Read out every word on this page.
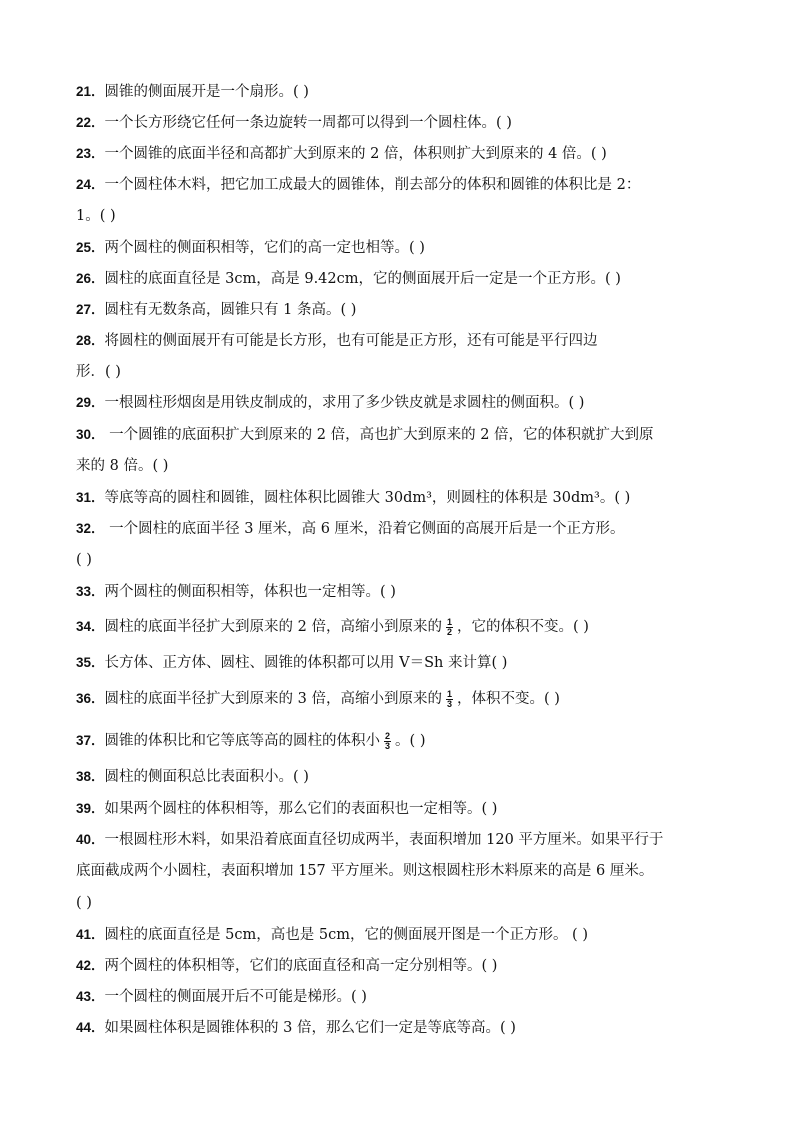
21．圆锥的侧面展开是一个扇形。( )
22．一个长方形绕它任何一条边旋转一周都可以得到一个圆柱体。( )
23．一个圆锥的底面半径和高都扩大到原来的 2 倍，体积则扩大到原来的 4 倍。( )
24．一个圆柱体木料，把它加工成最大的圆锥体，削去部分的体积和圆锥的体积比是 2：
1。( )
25．两个圆柱的侧面积相等，它们的高一定也相等。( )
26．圆柱的底面直径是 3cm，高是 9.42cm，它的侧面展开后一定是一个正方形。( )
27．圆柱有无数条高，圆锥只有 1 条高。( )
28．将圆柱的侧面展开有可能是长方形，也有可能是正方形，还有可能是平行四边
形．( )
29．一根圆柱形烟囱是用铁皮制成的，求用了多少铁皮就是求圆柱的侧面积。( )
30． 一个圆锥的底面积扩大到原来的 2 倍，高也扩大到原来的 2 倍，它的体积就扩大到原
来的 8 倍。( )
31．等底等高的圆柱和圆锥，圆柱体积比圆锥大 30dm³，则圆柱的体积是 30dm³。( )
32． 一个圆柱的底面半径 3 厘米，高 6 厘米，沿着它侧面的高展开后是一个正方形。
( )
33．两个圆柱的侧面积相等，体积也一定相等。( )
34．圆柱的底面半径扩大到原来的 2 倍，高缩小到原来的 $\frac{1}{2}$ ，它的体积不变。( )
35．长方体、正方体、圆柱、圆锥的体积都可以用 V＝Sh 来计算( )
36．圆柱的底面半径扩大到原来的 3 倍，高缩小到原来的 $\frac{1}{3}$ ，体积不变。( )
37．圆锥的体积比和它等底等高的圆柱的体积小 $\frac{2}{3}$ 。( )
38．圆柱的侧面积总比表面积小。( )
39．如果两个圆柱的体积相等，那么它们的表面积也一定相等。( )
40．一根圆柱形木料，如果沿着底面直径切成两半，表面积增加 120 平方厘米。如果平行于
底面截成两个小圆柱，表面积增加 157 平方厘米。则这根圆柱形木料原来的高是 6 厘米。
( )
41．圆柱的底面直径是 5cm，高也是 5cm，它的侧面展开图是一个正方形。 ( )
42．两个圆柱的体积相等，它们的底面直径和高一定分别相等。( )
43．一个圆柱的侧面展开后不可能是梯形。( )
44．如果圆柱体积是圆锥体积的 3 倍，那么它们一定是等底等高。( )
